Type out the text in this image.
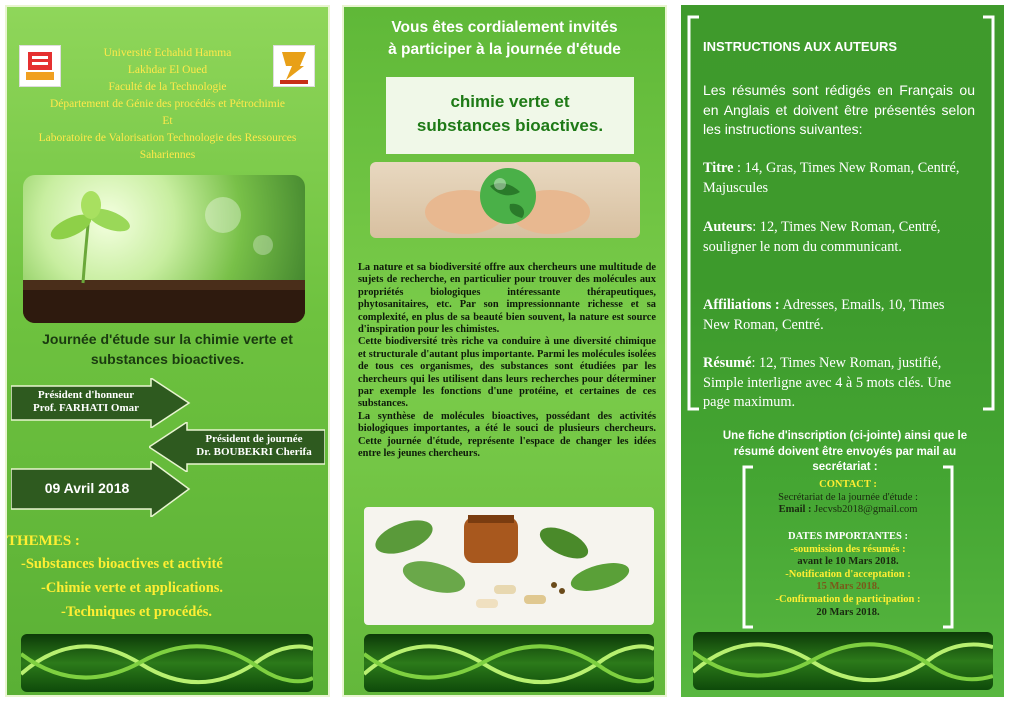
Université Echahid Hamma
Lakhdar El Oued
Faculté de la Technologie
Département de Génie des procédés et Pétrochimie
Et
Laboratoire de Valorisation Technologie des Ressources
Sahariennes
Journée d'étude sur la chimie verte et substances bioactives.
Président d'honneur
Prof. FARHATI Omar
Président de journée
Dr. BOUBEKRI Cherifa
09 Avril 2018
THEMES :
-Substances bioactives et activité
-Chimie verte et applications.
-Techniques et procédés.
Vous êtes cordialement invités
à participer à la journée d'étude
chimie verte et
substances bioactives.
La nature et sa biodiversité offre aux chercheurs une multitude de sujets de recherche, en particulier pour trouver des molécules aux propriétés biologiques intéressante thérapeutiques, phytosanitaires, etc. Par son impressionnante richesse et sa complexité, en plus de sa beauté bien souvent, la nature est source d'inspiration pour les chimistes.
Cette biodiversité très riche va conduire à une diversité chimique et structurale d'autant plus importante. Parmi les molécules isolées de tous ces organismes, des substances sont étudiées par les chercheurs qui les utilisent dans leurs recherches pour déterminer par exemple les fonctions d'une protéine, et certaines de ces substances.
La synthèse de molécules bioactives, possédant des activités biologiques importantes, a été le souci de plusieurs chercheurs. Cette journée d'étude, représente l'espace de changer les idées entre les jeunes chercheurs.
INSTRUCTIONS AUX AUTEURS
Les résumés sont rédigés en Français ou en Anglais et doivent être présentés selon les instructions suivantes:
Titre : 14, Gras, Times New Roman, Centré, Majuscules
Auteurs: 12, Times New Roman, Centré, souligner le nom du communicant.
Affiliations : Adresses, Emails, 10, Times New Roman, Centré.
Résumé: 12, Times New Roman, justifié, Simple interligne avec 4 à 5 mots clés. Une page maximum.
Une fiche d'inscription (ci-jointe) ainsi que le
résumé doivent être envoyés par mail au
secrétariat :
CONTACT :
Secrétariat de la journée d'étude :
Email : Jecvsb2018@gmail.com
DATES IMPORTANTES :
-soumission des résumés :
avant le 10 Mars 2018.
-Notification d'acceptation :
15 Mars 2018.
-Confirmation de participation :
20 Mars 2018.
